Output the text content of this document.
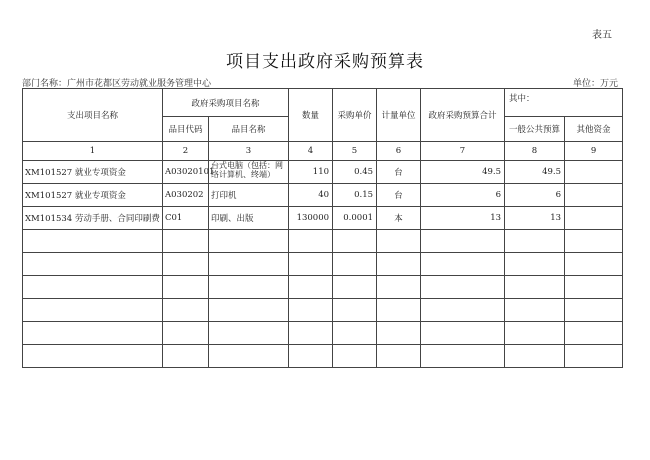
表五
项目支出政府采购预算表
部门名称：广州市花都区劳动就业服务管理中心	单位：万元
支出项目名称	政府采购项目名称		数量	采购单价	计量单位	政府采购预算合计	其中：	
	品目代码	品目名称					一般公共预算	其他资金
1	2	3	4	5	6	7	8	9
XM101527 就业专项资金	A03020101	台式电脑（包括：网络计算机、终端）	110	0.45	台	49.5	49.5	
XM101527 就业专项资金	A030202	打印机	40	0.15	台	6	6	
XM101534 劳动手册、合同印刷费	C01	印刷、出版	130000	0.0001	本	13	13	
